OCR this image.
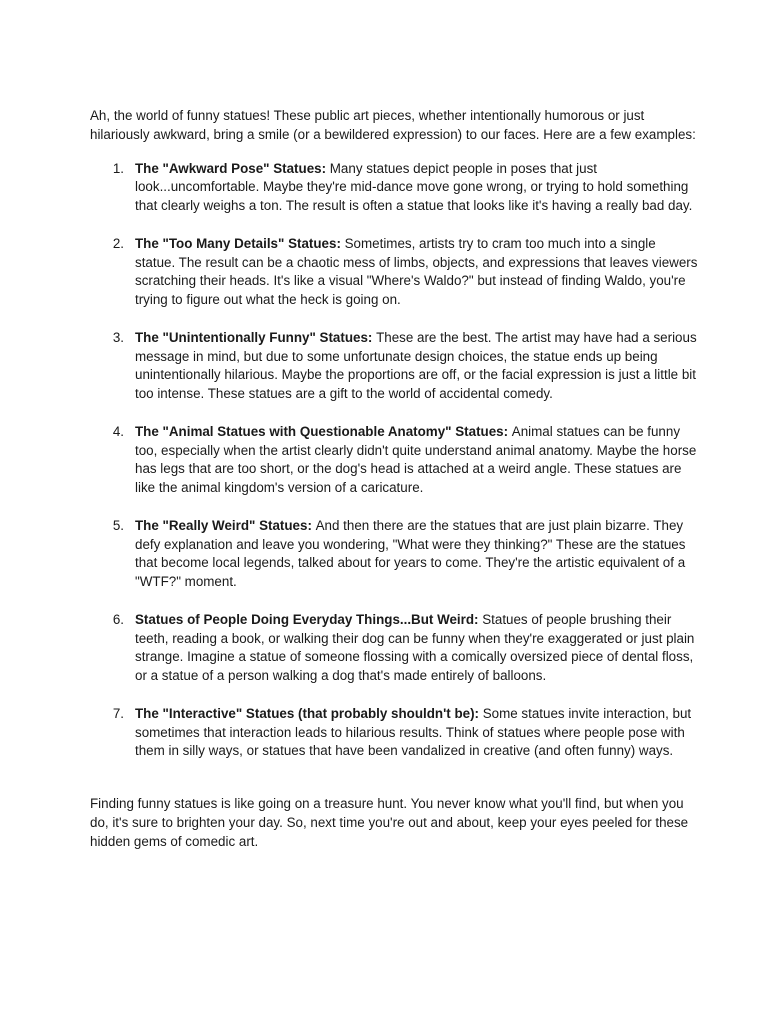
Ah, the world of funny statues! These public art pieces, whether intentionally humorous or just hilariously awkward, bring a smile (or a bewildered expression) to our faces. Here are a few examples:

1. The "Awkward Pose" Statues: Many statues depict people in poses that just look...uncomfortable. Maybe they're mid-dance move gone wrong, or trying to hold something that clearly weighs a ton. The result is often a statue that looks like it's having a really bad day.
2. The "Too Many Details" Statues: Sometimes, artists try to cram too much into a single statue. The result can be a chaotic mess of limbs, objects, and expressions that leaves viewers scratching their heads. It's like a visual "Where's Waldo?" but instead of finding Waldo, you're trying to figure out what the heck is going on.
3. The "Unintentionally Funny" Statues: These are the best. The artist may have had a serious message in mind, but due to some unfortunate design choices, the statue ends up being unintentionally hilarious. Maybe the proportions are off, or the facial expression is just a little bit too intense. These statues are a gift to the world of accidental comedy.
4. The "Animal Statues with Questionable Anatomy" Statues: Animal statues can be funny too, especially when the artist clearly didn't quite understand animal anatomy. Maybe the horse has legs that are too short, or the dog's head is attached at a weird angle. These statues are like the animal kingdom's version of a caricature.
5. The "Really Weird" Statues: And then there are the statues that are just plain bizarre. They defy explanation and leave you wondering, "What were they thinking?" These are the statues that become local legends, talked about for years to come. They're the artistic equivalent of a "WTF?" moment.
6. Statues of People Doing Everyday Things...But Weird: Statues of people brushing their teeth, reading a book, or walking their dog can be funny when they're exaggerated or just plain strange. Imagine a statue of someone flossing with a comically oversized piece of dental floss, or a statue of a person walking a dog that's made entirely of balloons.
7. The "Interactive" Statues (that probably shouldn't be): Some statues invite interaction, but sometimes that interaction leads to hilarious results. Think of statues where people pose with them in silly ways, or statues that have been vandalized in creative (and often funny) ways.

Finding funny statues is like going on a treasure hunt. You never know what you'll find, but when you do, it's sure to brighten your day. So, next time you're out and about, keep your eyes peeled for these hidden gems of comedic art.
